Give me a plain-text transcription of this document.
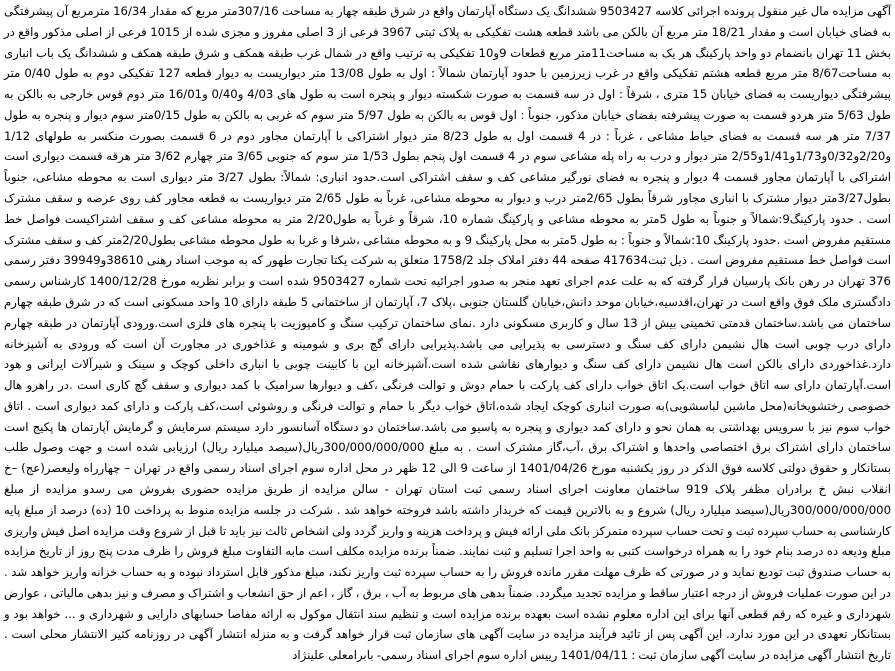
آگهی مزایده مال غیر منقول پرونده اجرائی کلاسه 9503427 ششدانگ یک دستگاه آپارتمان واقع در شرق طبقه چهار به مساحت 307/16متر مربع که مقدار 16/34 مترمربع آن پیشرفتگی به فضای خیابان است و مقدار 18/21 متر مربع آن بالکن می باشد قطعه هشت تفکیکی به پلاک ثبتی 3967 فرعی از 3 اصلی مفروز و مجزی شده از 1015 فرعی از اصلی مذکور واقع در بخش 11 تهران بانضمام دو واحد پارکینگ هر یک به مساحت11متر مربع قطعات 9و10 تفکیکی به ترتیب واقع در شمال غرب طبقه همکف و شرق طبقه همکف و ششدانگ یک باب انباری به مساحت8/67 متر مربع قطعه هشتم تفکیکی واقع در غرب زیرزمین با حدود آپارتمان شمالاً : اول به طول 13/08 متر دیواریست به دیوار قطعه 127 تفکیکی دوم به طول 0/40 متر پیشرفتگی دیواریست به فضای خیابان 15 متری ، شرقاً : اول در سه قسمت به صورت شکسته دیوار و پنجره است به طول های 4/03 و0/40 و16/01 متر دوم قوس خارجی به بالکن به طول 5/63 متر هردو قسمت به صورت پیشرفته بفضای خیابان مذکور، جنوباً : اول قوس به بالکن به طول 5/97 متر سوم که غربی به بالکن به طول 0/15متر سوم دیوار و پنجره به طول 7/37 متر هر سه قسمت به فضای حیاط مشاعی ، غرباً : در 4 قسمت اول به طول 8/23 متر دیوار اشتراکی با آپارتمان مجاور دوم در 6 قسمت بصورت منکسر به طولهای 1/12 و2/20و0/32و1/73و1/41و2/55 متر دیوار و درب به راه پله مشاعی سوم در 4 قسمت اول پنجم بطول 1/53 متر سوم که جنوبی 3/65 متر چهارم 3/62 متر هرقه قسمت دیواری است اشتراکی با آپارتمان مجاور قسمت 4 دیوار و پنجره به فضای نورگیر مشاعی کف و سقف اشتراکی است.حدود انباری: شمالاً: بطول 3/27 متر دیواری است به محوطه مشاعی، جنوباً بطول3/27متر دیوار مشترک با انباری مجاور شرقاً بطول 2/65متر درب و دیوار به محوطه مشاعی، غرباً به طول 2/65 متر دیواریست به قطعه مجاور کف روی عرصه و سقف مشترک است . حدود پارکینگ9:شمالاً و جنوباً به طول 5متر به محوطه مشاعی و پارکینگ شماره 10، شرقاً و غرباً به طول2/20 متر به محوطه مشاعی کف و سقف اشتراکیست فواصل خط مستقیم مفروض است .حدود پارکینگ 10:شمالاً و جنوباً : به طول 5متر به محل پارکینگ 9 و به محوطه مشاعی ،شرقا و غربا به طول محوطه مشاعی بطول2/20متر کف و سقف مشترک است فواصل خط مستقیم مفروض است . ذیل ثبت417634 صفحه 44 دفتر املاک جلد 1758/2 متعلق به شرکت یکتا تجارت طهور که به موجب اسناد رهنی 38610و39949 دفتر رسمی 376 تهران در رهن بانک پارسیان قرار گرفته که به علت عدم اجرای تعهد منجر به صدور اجرائیه تحت شماره 9503427 شده است و برابر نظریه مورخ 1400/12/28 کارشناس رسمی دادگستری ملک فوق واقع است در تهران،اقدسیه،خیابان موحد دانش،خیابان گلستان جنوبی ،پلاک 7، آپارتمان از ساختمانی 5 طبقه دارای 10 واحد مسکونی است که در شرق طبقه چهارم ساختمان می باشد.ساختمان قدمتی تخمینی بیش از 13 سال و کاربری مسکونی دارد .نمای ساختمان ترکیب سنگ و کامپوزیت با پنجره های فلزی است.ورودی آپارتمان در طبقه چهارم دارای درب چوبی است هال نشیمن دارای کف سنگ و دسترسی به پذیرایی می باشد.پذیرایی دارای گچ بری و شومینه و غذاخوری در مجاورت آن است که ورودی به آشپزخانه دارد.غذاخوردی دارای بالکن است هال نشیمن دارای کف سنگ و دیوارهای نقاشی شده است.آشپزخانه این با کابینت چوبی با انباری داخلی کوچک و سینک و شیرآلات ایرانی و هود است.آپارتمان دارای سه اتاق خواب است.یک اتاق خواب دارای کف پارکت با حمام دوش و توالت فرنگی ،کف و دیوارها سرامیک با کمد دیواری و سقف گچ کاری است .در راهرو هال خصوصی رختشویخانه(محل ماشین لباسشویی)به صورت انباری کوچک ایجاد شده،اتاق خواب دیگر با حمام و توالت فرنگی و روشوئی است،کف پارکت و دارای کمد دیواری است . اتاق خواب سوم نیز با سرویس بهداشتی به همان نحو و دارای کمد دیواری و پنجره به پاسیو می باشد.ساختمان دو دستگاه آسانسور دارد سیستم سرمایش و گرمایش آپارتمان ها پکیج است ساختمان دارای اشتراک برق اختصاصی واحدها و اشتراک برق ،آب،گاز مشترک است . به مبلغ 300/000/000/000ریال(سیصد میلیارد ریال) ارزیابی شده است و جهت وصول طلب بستانکار و حقوق دولتی کلاسه فوق الذکر در روز یکشنبه مورخ 1401/04/26 از ساعت 9 الی 12 ظهر در محل اداره سوم اجرای اسناد رسمی واقع در تهران – چهارراه ولیعصر(عج) –خ انقلاب نبش خ برادران مظفر پلاک 919 ساختمان معاونت اجرای اسناد رسمی ثبت استان تهران - سالن مزایده از طریق مزایده حضوری بفروش می رسدو مزایده از مبلغ 300/000/000/000ریال(سیصد میلیارد ریال) شروع و به بالاترین قیمت که خریدار داشته باشد فروخته خواهد شد . شرکت در جلسه مزایده منوط به پرداخت 10 (ده) درصد از مبلغ پایه کارشناسی به حساب سپرده ثبت و تحت حساب سپرده متمرکز بانک ملی ارائه فیش و پرداخت هزینه و واریز گردد ولی اشخاص ثالث نیز باید تا قبل از شروع وقت مزایده اصل فیش واریزی مبلغ ودیعه ده درصد بنام خود را به همراه درخواست کتبی به واحد اجرا تسلیم و ثبت نمایند. ضمناً برنده مزایده مکلف است مابه التفاوت مبلغ فروش را ظرف مدت پنج روز از تاریخ مزایده به حساب صندوق ثبت تودیع نماید و در صورتی که ظرف مهلت مقرر مانده فروش را به حساب سپرده ثبت واریز نکند، مبلغ مذکور قابل استرداد نبوده و به حساب خزانه واریز خواهد شد . در این صورت عملیات فروش از درجه اعتبار ساقط و مزایده تجدید میگردد. ضمناً بدهی های مربوط به آب ، برق ، گاز ، اعم از حق انشعاب و اشتراک و مصرف و نیز بدهی مالیاتی ، عوارض شهرداری و غیره که رقم قطعی آنها برای این اداره معلوم نشده است بعهده برنده مزایده است و تنظیم سند انتقال موکول به ارائه مفاصا حسابهای دارایی و شهرداری و ... خواهد بود و بستانکار تعهدی در این مورد ندارد. این آگهی پس از تائید فرآیند مزایده در سایت آگهی های سازمان ثبت قرار خواهد گرفت و به منزله انتشار آگهی در روزنامه کثیر الانتشار محلی است . تاریخ انتشار آگهی مزایده در سایت آگهی سازمان ثبت : 1401/04/11 رییس اداره سوم اجرای اسناد رسمی- بابرامعلی علینژاد
